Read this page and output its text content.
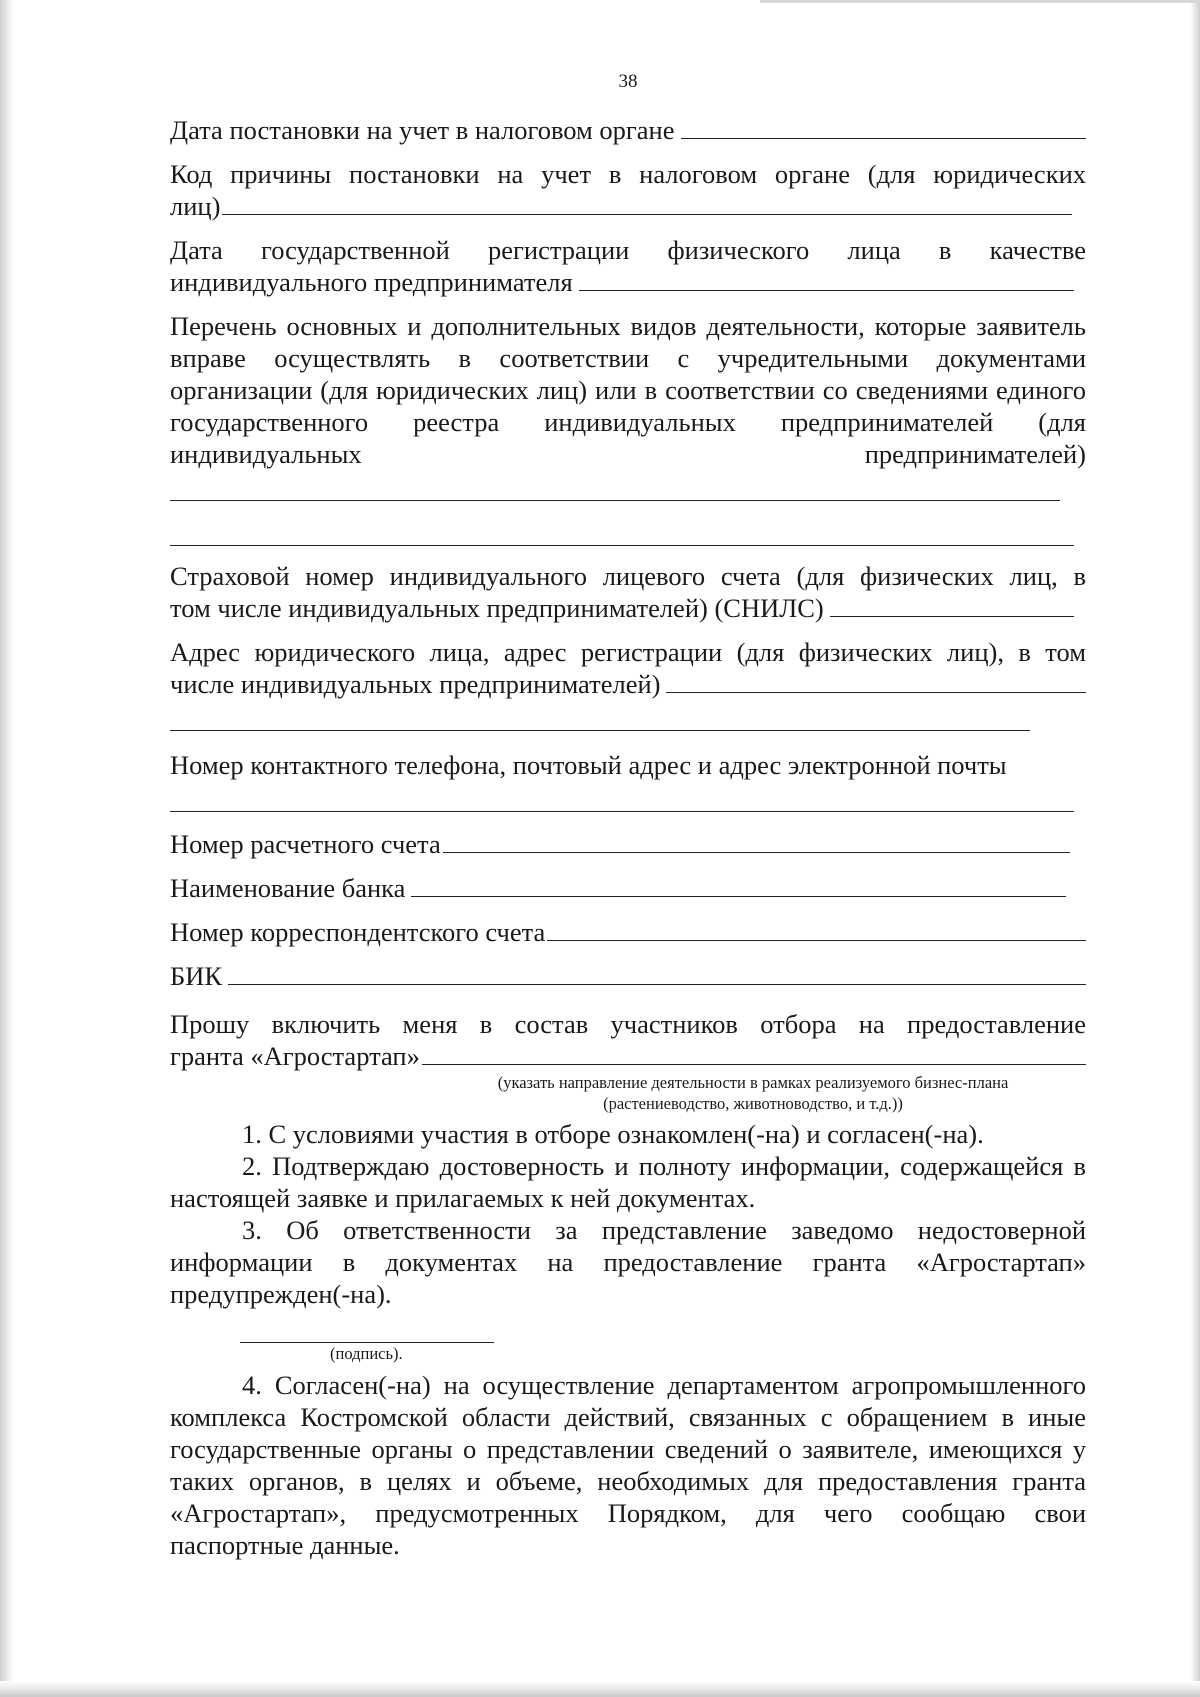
38
Дата постановки на учет в налоговом органе
Код причины постановки на учет в налоговом органе (для юридических
лиц)
Дата государственной регистрации физического лица в качестве
индивидуального предпринимателя
Перечень основных и дополнительных видов деятельности, которые заявитель вправе осуществлять в соответствии с учредительными документами организации (для юридических лиц) или в соответствии со сведениями единого государственного реестра индивидуальных предпринимателей (для индивидуальных предпринимателей)
Страховой номер индивидуального лицевого счета (для физических лиц, в
том числе индивидуальных предпринимателей) (СНИЛС)
Адрес юридического лица, адрес регистрации (для физических лиц), в том
числе индивидуальных предпринимателей)
Номер контактного телефона, почтовый адрес и адрес электронной почты
Номер расчетного счета
Наименование банка
Номер корреспондентского счета
БИК
Прошу включить меня в состав участников отбора на предоставление
гранта «Агростартап»
(указать направление деятельности в рамках реализуемого бизнес-плана
(растениеводство, животноводство, и т.д.))
1. С условиями участия в отборе ознакомлен(-на) и согласен(-на).
2. Подтверждаю достоверность и полноту информации, содержащейся в настоящей заявке и прилагаемых к ней документах.
3. Об ответственности за представление заведомо недостоверной информации в документах на предоставление гранта «Агростартап» предупрежден(-на).
(подпись).
4. Согласен(-на) на осуществление департаментом агропромышленного комплекса Костромской области действий, связанных с обращением в иные государственные органы о представлении сведений о заявителе, имеющихся у таких органов, в целях и объеме, необходимых для предоставления гранта «Агростартап», предусмотренных Порядком, для чего сообщаю свои паспортные данные.
